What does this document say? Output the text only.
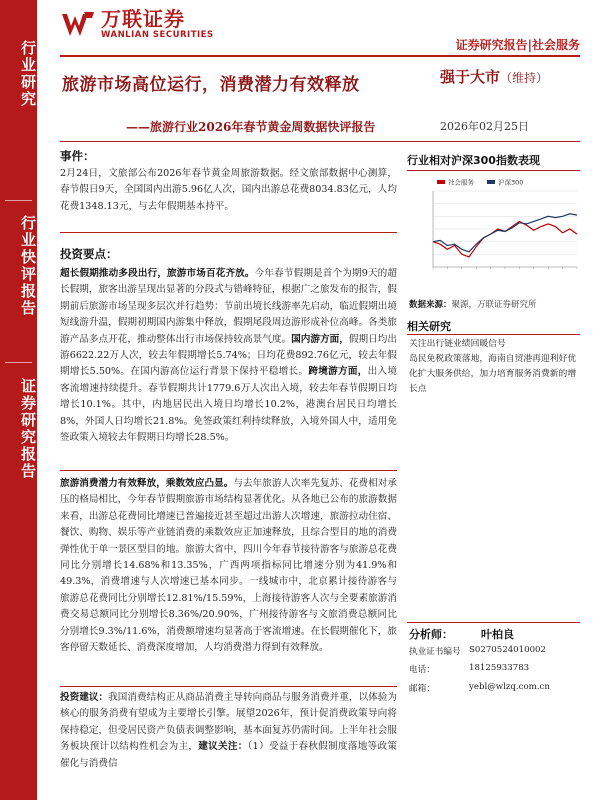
行业研究
行业快评报告
证券研究报告
万联证券
WANLIAN SECURITIES
证券研究报告|社会服务
旅游市场高位运行，消费潜力有效释放
——旅游行业2026年春节黄金周数据快评报告
强于大市（维持）
2026年02月25日
事件：
2月24日，文旅部公布2026年春节黄金周旅游数据。经文旅部数据中心测算，春节假日9天，全国国内出游5.96亿人次，国内出游总花费8034.83亿元，人均花费1348.13元，与去年假期基本持平。
投资要点：
超长假期推动多段出行，旅游市场百花齐放。今年春节假期是首个为期9天的超长假期，旅客出游呈现出显著的分段式与错峰特征，根据广之旅发布的报告，假期前后旅游市场呈现多层次并行趋势：节前出境长线游率先启动，临近假期出境短线游升温，假期初期国内游集中释放，假期尾段周边游形成补位高峰。各类旅游产品多点开花，推动整体出行市场保持较高景气度。国内游方面，假期日均出游6622.22万人次，较去年假期增长5.74%；日均花费892.76亿元，较去年假期增长5.50%。在国内游高位运行背景下保持平稳增长。跨境游方面，出入境客流增速持续提升。春节假期共计1779.6万人次出入境，较去年春节假期日均增长10.1%。其中，内地居民出入境日均增长10.2%，港澳台居民日均增长8%，外国人日均增长21.8%。免签政策红利持续释放，入境外国人中，适用免签政策入境较去年假期日均增长28.5%。
旅游消费潜力有效释放，乘数效应凸显。与去年旅游人次率先复苏、花费相对承压的格局相比，今年春节假期旅游市场结构显著优化。从各地已公布的旅游数据来看，出游总花费同比增速已普遍接近甚至超过出游人次增速，旅游拉动住宿、餐饮、购物、娱乐等产业链消费的乘数效应正加速释放，且综合型目的地的消费弹性优于单一景区型目的地。旅游大省中，四川今年春节接待游客与旅游总花费同比分别增长14.68%和13.35%，广西两项指标同比增速分别为41.9%和49.3%，消费增速与人次增速已基本同步。一线城市中，北京累计接待游客与旅游总花费同比分别增长12.81%/15.59%，上海接待游客人次与全要素旅游消费交易总额同比分别增长8.36%/20.90%，广州接待游客与文旅消费总额同比分别增长9.3%/11.6%，消费额增速均显著高于客流增速。在长假期催化下，旅客停留天数延长、消费深度增加，人均消费潜力得到有效释放。
投资建议：我国消费结构正从商品消费主导转向商品与服务消费并重，以体验为核心的服务消费有望成为主要增长引擎。展望2026年，预计促消费政策导向将保持稳定，但受居民资产负债表调整影响，基本面复苏仍需时间。上半年社会服务板块预计以结构性机会为主，建议关注：（1）受益于春秋假制度落地等政策催化与消费信
行业相对沪深300指数表现
社会服务	沪深300
数据来源：聚源，万联证券研究所
相关研究
关注出行链业绩回暖信号
岛民免税政策落地，海南自贸港再迎利好优化扩大服务供给，加力培育服务消费新的增长点
分析师：	叶柏良
执业证书编号 S0270524010002
电话：	18125933783
邮箱：	yebl@wlzq.com.cn
